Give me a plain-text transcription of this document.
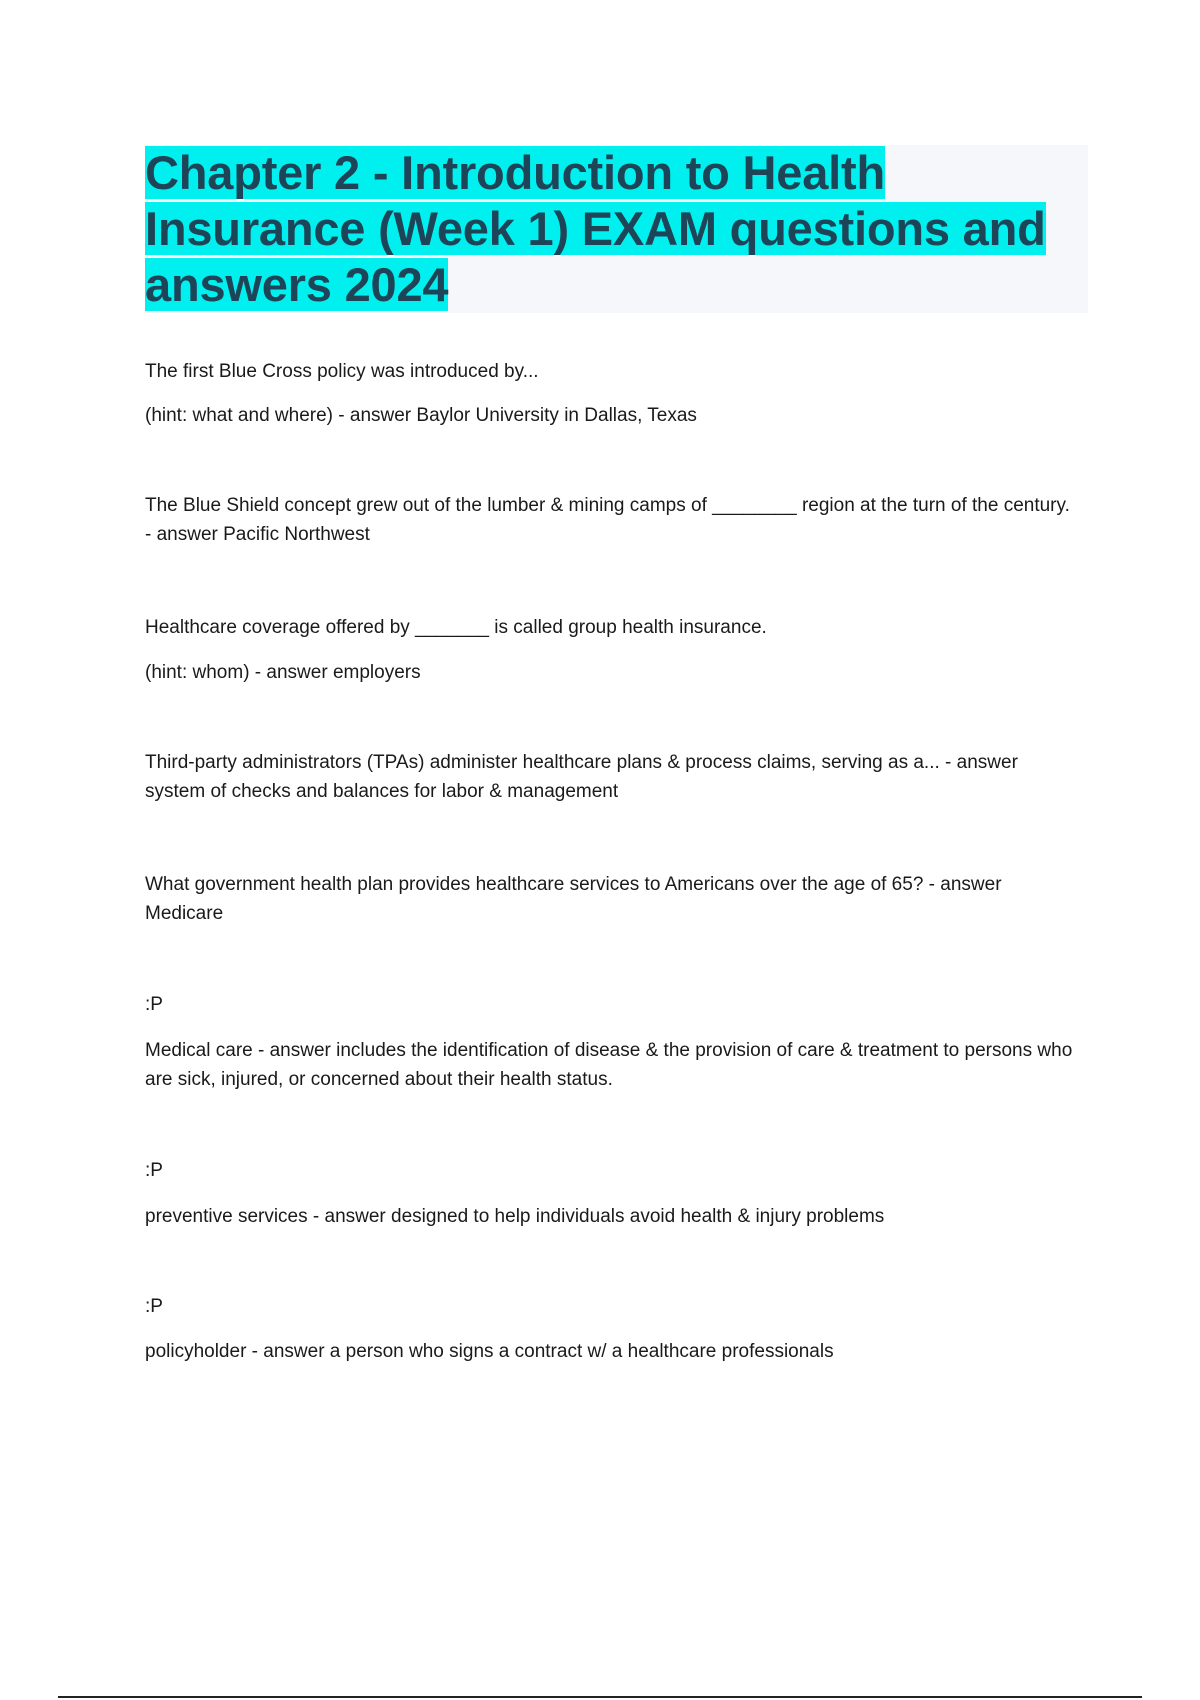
Chapter 2 - Introduction to Health
Insurance (Week 1) EXAM questions and
answers 2024

The first Blue Cross policy was introduced by...

(hint: what and where) - answer Baylor University in Dallas, Texas

The Blue Shield concept grew out of the lumber & mining camps of ________ region at the turn of the century. - answer Pacific Northwest

Healthcare coverage offered by _______ is called group health insurance.

(hint: whom) - answer employers

Third-party administrators (TPAs) administer healthcare plans & process claims, serving as a... - answer system of checks and balances for labor & management

What government health plan provides healthcare services to Americans over the age of 65? - answer Medicare

:P

Medical care - answer includes the identification of disease & the provision of care & treatment to persons who are sick, injured, or concerned about their health status.

:P

preventive services - answer designed to help individuals avoid health & injury problems

:P

policyholder - answer a person who signs a contract w/ a healthcare professionals
